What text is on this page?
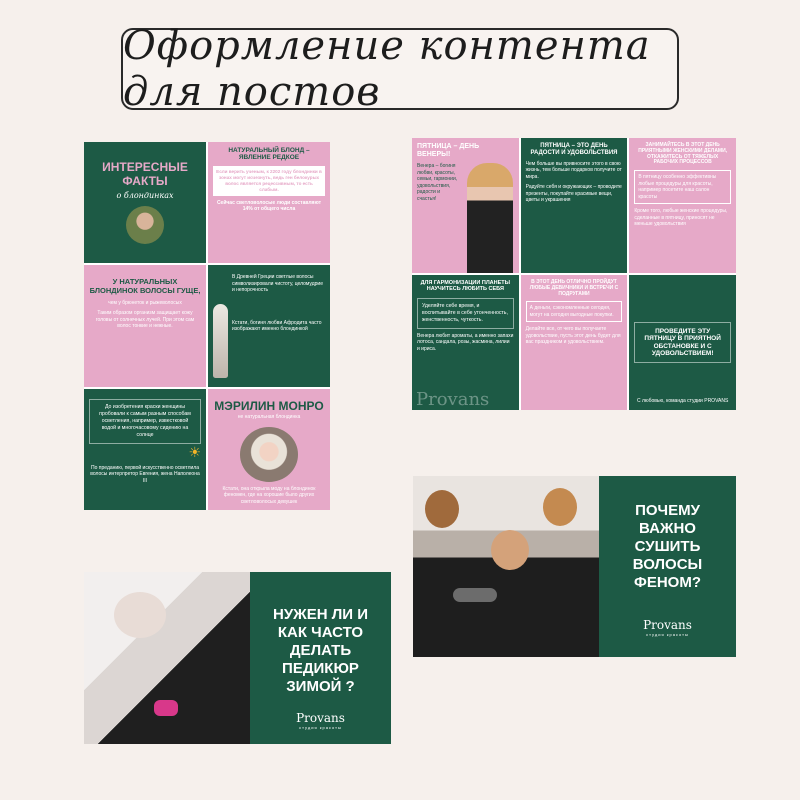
Оформление контента для постов
ИНТЕРЕСНЫЕ ФАКТЫ
о блондинках
НАТУРАЛЬНЫЙ БЛОНД – ЯВЛЕНИЕ РЕДКОЕ
Если верить ученым, к 2202 году блондинки в зонах могут исчезнуть, ведь ген белокурых волос является рецессивным, то есть слабым.
Сейчас светловолосые люди составляют 14% от общего числа
У НАТУРАЛЬНЫХ БЛОНДИНОК ВОЛОСЫ ГУЩЕ,
чем у брюнеток и рыжеволосых
Таким образом организм защищает кожу головы от солнечных лучей. При этом сам волос тонкие и нежные.
В Древней Греции светлые волосы символизировали чистоту, целомудрие и непорочность
Кстати, богиня любви Афродита часто изображают именно блондинкой
До изобретения краски женщины пробовали к самым разным способам осветления, например, известковой водой и многочасовому сидению на солнце
☀
По преданию, первой искусственно осветлила волосы интерпретор Евгения, жена Наполеона III
МЭРИЛИН МОНРО
не натуральная блондинка
Кстати, она открыла моду на блондинок феномен, где на хорошие было других светловолосых девушек
ПЯТНИЦА – ДЕНЬ ВЕНЕРЫ!
Венера – богиня любви, красоты, семьи, гармонии, удовольствия, радости и счастья!
ПЯТНИЦА – ЭТО ДЕНЬ РАДОСТИ И УДОВОЛЬСТВИЯ
Чем больше вы привносите этого в свою жизнь, тем больше подарков получите от мира.
Радуйте себя и окружающих – проводите презенты, покупайте красивые вещи, цветы и украшения
ЗАНИМАЙТЕСЬ В ЭТОТ ДЕНЬ ПРИЯТНЫМИ ЖЕНСКИМИ ДЕЛАМИ, ОТКАЖИТЕСЬ ОТ ТЯЖЕЛЫХ РАБОЧИХ ПРОЦЕССОВ
В пятницу особенно эффективны любые процедуры для красоты, например посетите наш салон красоты
Кроме того, любые женские процедуры, сделанные в пятницу, приносят не меньше удовольствия
ДЛЯ ГАРМОНИЗАЦИИ ПЛАНЕТЫ НАУЧИТЕСЬ ЛЮБИТЬ СЕБЯ
Уделяйте себе время, и воспитывайте в себе утонченность, женственность, чуткость.
Венера любит ароматы, а именно запахи лотоса, сандала, розы, жасмина, лилии и ириса.
Provans
В ЭТОТ ДЕНЬ ОТЛИЧНО ПРОЙДУТ ЛЮБЫЕ ДЕВИЧНИКИ И ВСТРЕЧИ С ПОДРУГАМИ
А деньги, сэкономленные сегодня, могут на сегодня выгодные покупки.
Делайте все, от чего вы получаете удовольствие, пусть этот день будет для вас праздником и удовольствием.
ПРОВЕДИТЕ ЭТУ ПЯТНИЦУ В ПРИЯТНОЙ ОБСТАНОВКЕ И С УДОВОЛЬСТВИЕМ!
С любовью, команда студии PROVANS
НУЖЕН ЛИ И КАК ЧАСТО ДЕЛАТЬ ПЕДИКЮР ЗИМОЙ ?
Provans
студия красоты
ПОЧЕМУ ВАЖНО СУШИТЬ ВОЛОСЫ ФЕНОМ?
Provans
студия красоты
